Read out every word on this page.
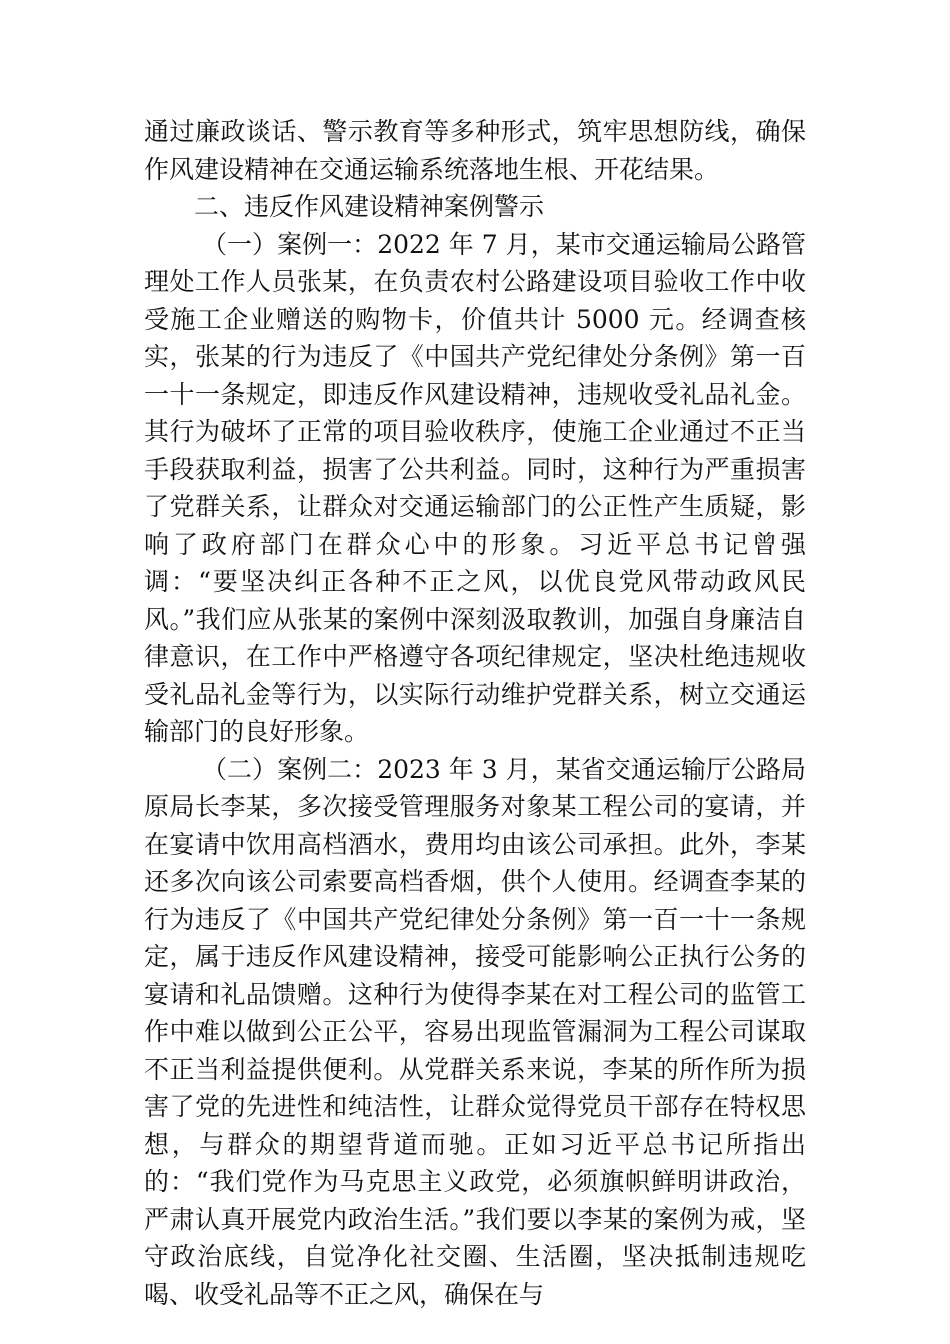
通过廉政谈话、警示教育等多种形式，筑牢思想防线，确保作风建设精神在交通运输系统落地生根、开花结果。

二、违反作风建设精神案例警示

（一）案例一：2022 年 7 月，某市交通运输局公路管理处工作人员张某，在负责农村公路建设项目验收工作中收受施工企业赠送的购物卡，价值共计 5000 元。经调查核实，张某的行为违反了《中国共产党纪律处分条例》第一百一十一条规定，即违反作风建设精神，违规收受礼品礼金。其行为破坏了正常的项目验收秩序，使施工企业通过不正当手段获取利益，损害了公共利益。同时，这种行为严重损害了党群关系，让群众对交通运输部门的公正性产生质疑，影响了政府部门在群众心中的形象。习近平总书记曾强调：“要坚决纠正各种不正之风，以优良党风带动政风民风。”我们应从张某的案例中深刻汲取教训，加强自身廉洁自律意识，在工作中严格遵守各项纪律规定，坚决杜绝违规收受礼品礼金等行为，以实际行动维护党群关系，树立交通运输部门的良好形象。

（二）案例二：2023 年 3 月，某省交通运输厅公路局原局长李某，多次接受管理服务对象某工程公司的宴请，并在宴请中饮用高档酒水，费用均由该公司承担。此外，李某还多次向该公司索要高档香烟，供个人使用。经调查李某的行为违反了《中国共产党纪律处分条例》第一百一十一条规定，属于违反作风建设精神，接受可能影响公正执行公务的宴请和礼品馈赠。这种行为使得李某在对工程公司的监管工作中难以做到公正公平，容易出现监管漏洞为工程公司谋取不正当利益提供便利。从党群关系来说，李某的所作所为损害了党的先进性和纯洁性，让群众觉得党员干部存在特权思想，与群众的期望背道而驰。正如习近平总书记所指出的：“我们党作为马克思主义政党，必须旗帜鲜明讲政治，严肃认真开展党内政治生活。”我们要以李某的案例为戒，坚守政治底线，自觉净化社交圈、生活圈，坚决抵制违规吃喝、收受礼品等不正之风，确保在与
